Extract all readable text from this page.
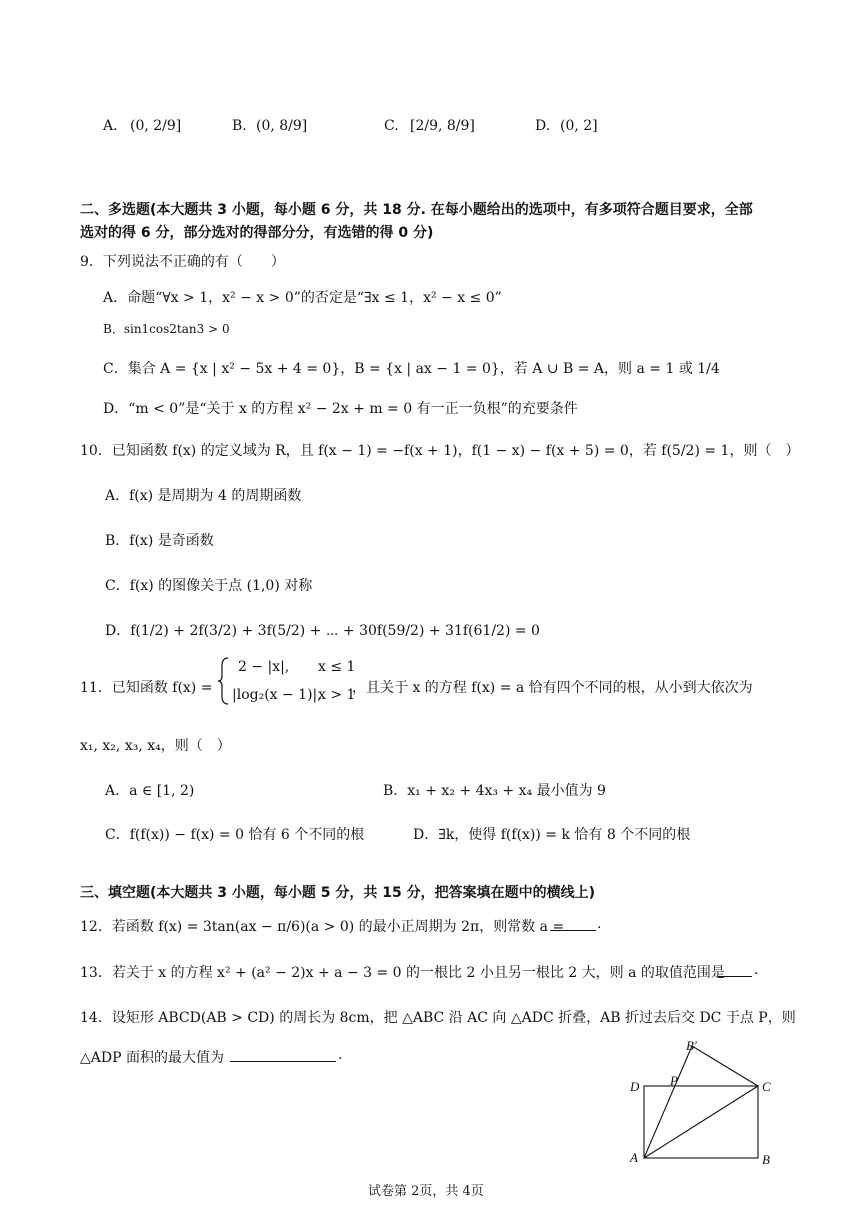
A. (0, 2/9]	B. (0, 8/9]	C. [2/9, 8/9]	D. (0, 2]
二、多选题(本大题共 3 小题，每小题 6 分，共 18 分. 在每小题给出的选项中，有多项符合题目要求，全部
选对的得 6 分，部分选对的得部分分，有选错的得 0 分)
9．下列说法不正确的有（　　）
A．命题“∀x > 1，x² − x > 0”的否定是“∃x ≤ 1，x² − x ≤ 0”
B．sin1cos2tan3 > 0
C．集合 A = {x | x² − 5x + 4 = 0}，B = {x | ax − 1 = 0}，若 A ∪ B = A，则 a = 1 或 1/4
D．“m < 0”是“关于 x 的方程 x² − 2x + m = 0 有一正一负根”的充要条件
10．已知函数 f(x) 的定义域为 R，且 f(x − 1) = −f(x + 1)，f(1 − x) − f(x + 5) = 0，若 f(5/2) = 1，则（　）
A．f(x) 是周期为 4 的周期函数
B．f(x) 是奇函数
C．f(x) 的图像关于点 (1,0) 对称
D．f(1/2) + 2f(3/2) + 3f(5/2) + ⋯ + 30f(59/2) + 31f(61/2) = 0
11．已知函数 f(x) =
2 − |x|, x ≤ 1
|log₂(x − 1)|,
x > 1
，且关于 x 的方程 f(x) = a 恰有四个不同的根，从小到大依次为
x₁, x₂, x₃, x₄，则（　）
A．a ∈ [1, 2)	B．x₁ + x₂ + 4x₃ + x₄ 最小值为 9
C．f(f(x)) − f(x) = 0 恰有 6 个不同的根	D．∃k，使得 f(f(x)) = k 恰有 8 个不同的根
三、填空题(本大题共 3 小题，每小题 5 分，共 15 分，把答案填在题中的横线上)
12．若函数 f(x) = 3tan(ax − π/6)(a > 0) 的最小正周期为 2π，则常数 a = .
13．若关于 x 的方程 x² + (a² − 2)x + a − 3 = 0 的一根比 2 小且另一根比 2 大，则 a 的取值范围是 .
14．设矩形 ABCD(AB > CD) 的周长为 8cm，把 △ABC 沿 AC 向 △ADC 折叠，AB 折过去后交 DC 于点 P，则
△ADP 面积的最大值为	.
B′
D P	C
A	B
试卷第 2页，共 4页
